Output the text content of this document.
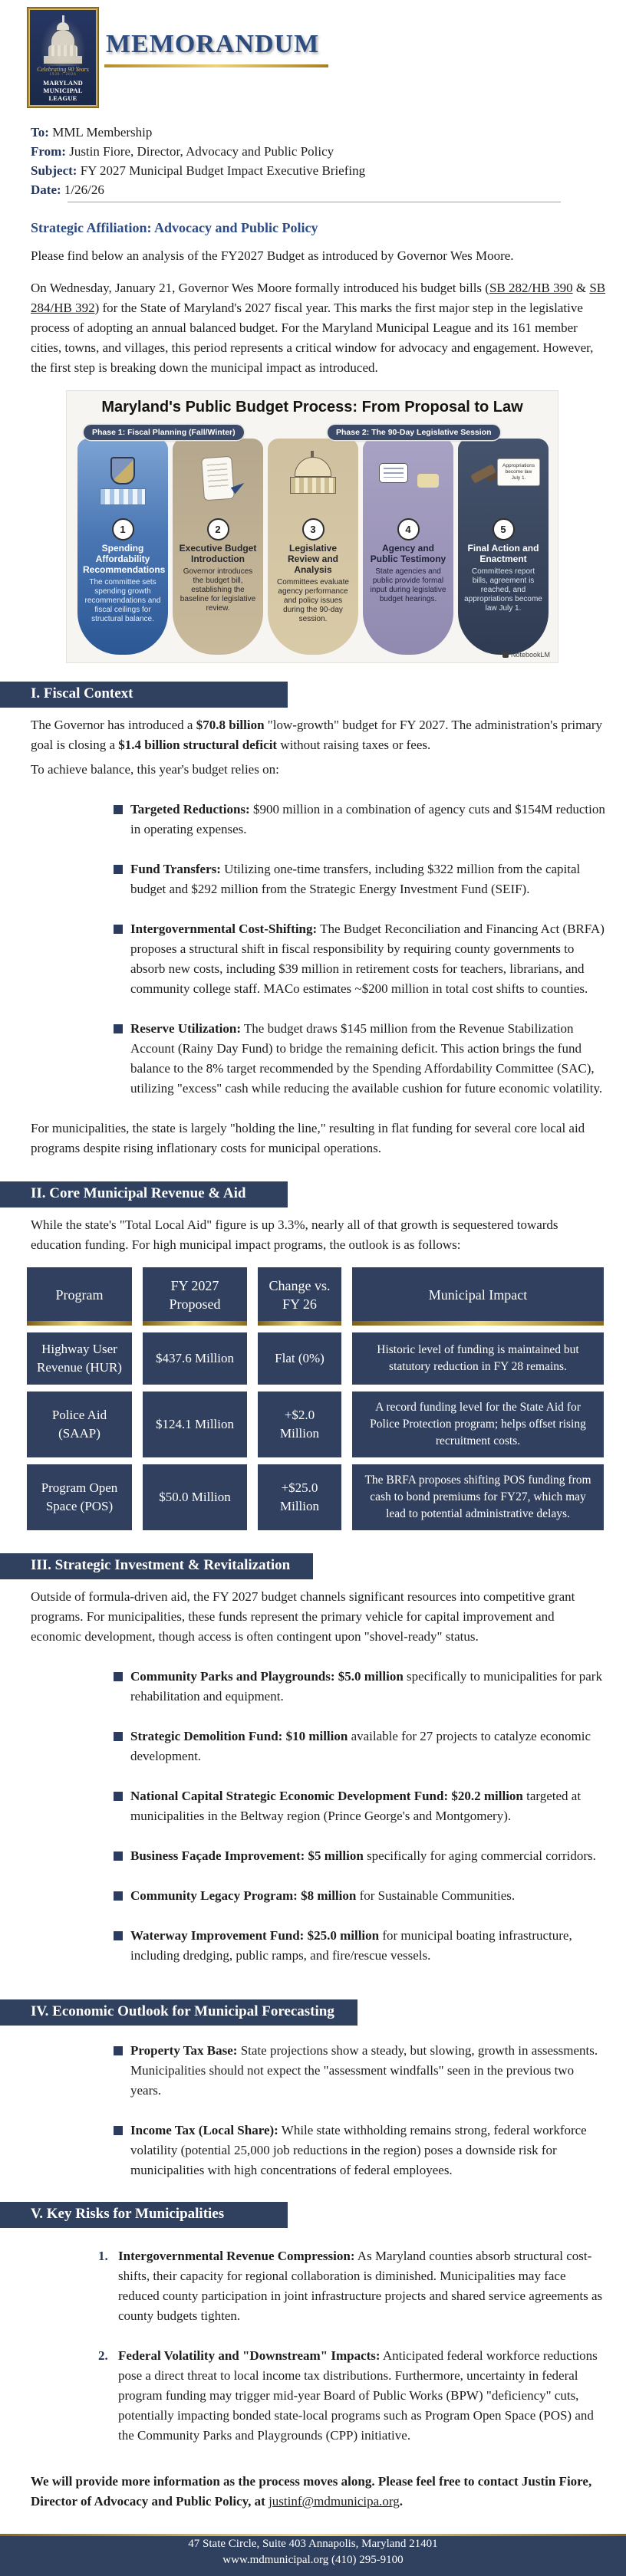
Celebrating 90 Years
1936 - 2026
MARYLAND
MUNICIPAL LEAGUE
MEMORANDUM
To: MML Membership
From: Justin Fiore, Director, Advocacy and Public Policy
Subject: FY 2027 Municipal Budget Impact Executive Briefing
Date: 1/26/26
Strategic Affiliation: Advocacy and Public Policy

Please find below an analysis of the FY2027 Budget as introduced by Governor Wes Moore.

On Wednesday, January 21, Governor Wes Moore formally introduced his budget bills (SB 282/HB 390 & SB 284/HB 392) for the State of Maryland's 2027 fiscal year. This marks the first major step in the legislative process of adopting an annual balanced budget. For the Maryland Municipal League and its 161 member cities, towns, and villages, this period represents a critical window for advocacy and engagement. However, the first step is breaking down the municipal impact as introduced.

Maryland's Public Budget Process: From Proposal to Law
Phase 1: Fiscal Planning (Fall/Winter)	Phase 2: The 90-Day Legislative Session
1
Spending Affordability Recommendations
The committee sets spending growth recommendations and fiscal ceilings for structural balance.
2
Executive Budget Introduction
Governor introduces the budget bill, establishing the baseline for legislative review.
3
Legislative Review and Analysis
Committees evaluate agency performance and policy issues during the 90-day session.
4
Agency and Public Testimony
State agencies and public provide formal input during legislative budget hearings.
Appropriations become law July 1.
5
Final Action and Enactment
Committees report bills, agreement is reached, and appropriations become law July 1.
NotebookLM
I. Fiscal Context

The Governor has introduced a $70.8 billion "low-growth" budget for FY 2027. The administration's primary goal is closing a $1.4 billion structural deficit without raising taxes or fees.

To achieve balance, this year's budget relies on:

Targeted Reductions: $900 million in a combination of agency cuts and $154M reduction in operating expenses.
Fund Transfers: Utilizing one-time transfers, including $322 million from the capital budget and $292 million from the Strategic Energy Investment Fund (SEIF).
Intergovernmental Cost-Shifting: The Budget Reconciliation and Financing Act (BRFA) proposes a structural shift in fiscal responsibility by requiring county governments to absorb new costs, including $39 million in retirement costs for teachers, librarians, and community college staff. MACo estimates ~$200 million in total cost shifts to counties.
Reserve Utilization: The budget draws $145 million from the Revenue Stabilization Account (Rainy Day Fund) to bridge the remaining deficit. This action brings the fund balance to the 8% target recommended by the Spending Affordability Committee (SAC), utilizing "excess" cash while reducing the available cushion for future economic volatility.

For municipalities, the state is largely "holding the line," resulting in flat funding for several core local aid programs despite rising inflationary costs for municipal operations.

II. Core Municipal Revenue & Aid

While the state's "Total Local Aid" figure is up 3.3%, nearly all of that growth is sequestered towards education funding. For high municipal impact programs, the outlook is as follows:

Program
FY 2027 Proposed
Change vs. FY 26
Municipal Impact
Highway User Revenue (HUR)
$437.6 Million	Flat (0%)
Historic level of funding is maintained but statutory reduction in FY 28 remains.
Police Aid (SAAP)
$124.1 Million
+$2.0 Million
A record funding level for the State Aid for Police Protection program; helps offset rising recruitment costs.
Program Open Space (POS)
$50.0 Million
+$25.0 Million
The BRFA proposes shifting POS funding from cash to bond premiums for FY27, which may lead to potential administrative delays.
III. Strategic Investment & Revitalization

Outside of formula-driven aid, the FY 2027 budget channels significant resources into competitive grant programs. For municipalities, these funds represent the primary vehicle for capital improvement and economic development, though access is often contingent upon "shovel-ready" status.

Community Parks and Playgrounds: $5.0 million specifically to municipalities for park rehabilitation and equipment.
Strategic Demolition Fund: $10 million available for 27 projects to catalyze economic development.
National Capital Strategic Economic Development Fund: $20.2 million targeted at municipalities in the Beltway region (Prince George's and Montgomery).
Business Façade Improvement: $5 million specifically for aging commercial corridors.
Community Legacy Program: $8 million for Sustainable Communities.
Waterway Improvement Fund: $25.0 million for municipal boating infrastructure, including dredging, public ramps, and fire/rescue vessels.
IV. Economic Outlook for Municipal Forecasting
Property Tax Base: State projections show a steady, but slowing, growth in assessments. Municipalities should not expect the "assessment windfalls" seen in the previous two years.
Income Tax (Local Share): While state withholding remains strong, federal workforce volatility (potential 25,000 job reductions in the region) poses a downside risk for municipalities with high concentrations of federal employees.
V. Key Risks for Municipalities
1. Intergovernmental Revenue Compression: As Maryland counties absorb structural cost-shifts, their capacity for regional collaboration is diminished. Municipalities may face reduced county participation in joint infrastructure projects and shared service agreements as county budgets tighten.
2. Federal Volatility and "Downstream" Impacts: Anticipated federal workforce reductions pose a direct threat to local income tax distributions. Furthermore, uncertainty in federal program funding may trigger mid-year Board of Public Works (BPW) "deficiency" cuts, potentially impacting bonded state-local programs such as Program Open Space (POS) and the Community Parks and Playgrounds (CPP) initiative.

We will provide more information as the process moves along. Please feel free to contact Justin Fiore, Director of Advocacy and Public Policy, at justinf@mdmunicipa.org.

47 State Circle, Suite 403 Annapolis, Maryland 21401
www.mdmunicipal.org (410) 295-9100
